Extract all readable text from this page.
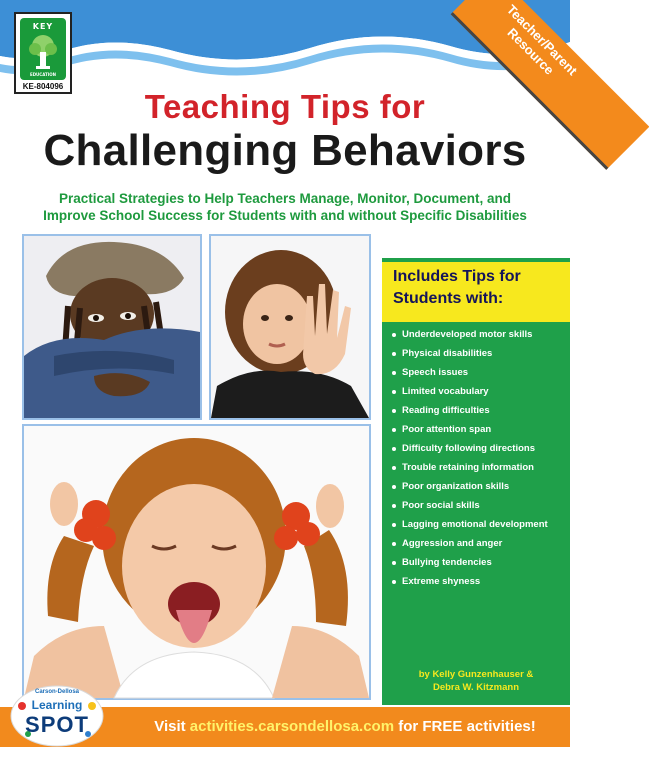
KEY
EDUCATION
KE-804096
Teacher/Parent Resource
Teaching Tips for
Challenging Behaviors
Practical Strategies to Help Teachers Manage, Monitor, Document, and
Improve School Success for Students with and without Specific Disabilities
Includes Tips for
Students with:
Underdeveloped motor skills
Physical disabilities
Speech issues
Limited vocabulary
Reading difficulties
Poor attention span
Difficulty following directions
Trouble retaining information
Poor organization skills
Poor social skills
Lagging emotional development
Aggression and anger
Bullying tendencies
Extreme shyness
by Kelly Gunzenhauser &
Debra W. Kitzmann
Visit activities.carsondellosa.com for FREE activities!
Carson-Dellosa
Learning
SPOT
